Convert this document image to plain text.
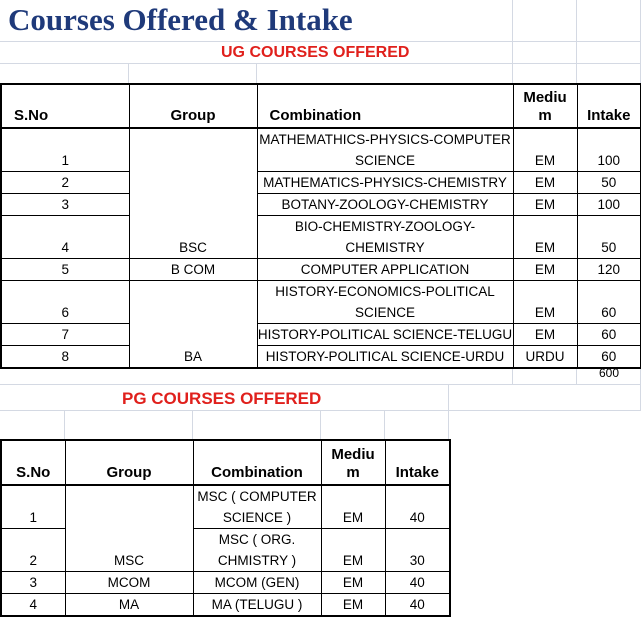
Courses Offered & Intake
UG COURSES OFFERED
S.No	Group	Combination	Mediu
m	Intake
1	BSC	MATHEMATHICS-PHYSICS-COMPUTER
SCIENCE	EM	100
2		MATHEMATICS-PHYSICS-CHEMISTRY	EM	50
3		BOTANY-ZOOLOGY-CHEMISTRY	EM	100
4		BIO-CHEMISTRY-ZOOLOGY-
CHEMISTRY	EM	50
5	B COM	COMPUTER APPLICATION	EM	120
6	BA	HISTORY-ECONOMICS-POLITICAL
SCIENCE	EM	60
7		HISTORY-POLITICAL SCIENCE-TELUGU	EM	60
8		HISTORY-POLITICAL SCIENCE-URDU	URDU	60
600
PG COURSES OFFERED
S.No	Group	Combination	Mediu
m	Intake
1	MSC	MSC ( COMPUTER
SCIENCE )	EM	40
2		MSC ( ORG.
CHMISTRY )	EM	30
3	MCOM	MCOM (GEN)	EM	40
4	MA	MA (TELUGU )	EM	40
